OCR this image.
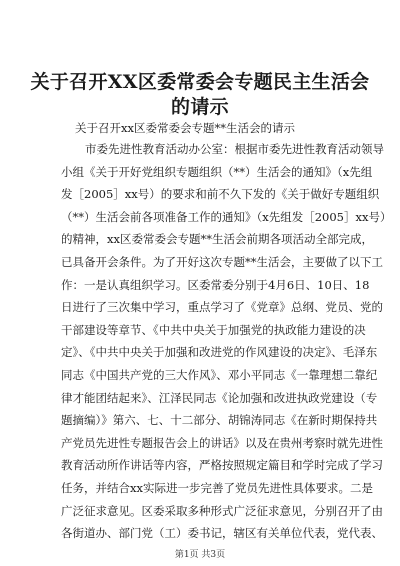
关于召开XX区委常委会专题民主生活会的请示
关于召开xx区委常委会专题**生活会的请示
市委先进性教育活动办公室：根据市委先进性教育活动领导
小组《关于开好党组织专题组织（**）生活会的通知》（x先组
发［2005］xx号）的要求和前不久下发的《关于做好专题组织
（**）生活会前各项准备工作的通知》（x先组发［2005］xx号）
的精神，xx区委常委会专题**生活会前期各项活动全部完成，
已具备开会条件。为了开好这次专题**生活会，主要做了以下工
作：一是认真组织学习。区委常委分别于4月6日、10日、18
日进行了三次集中学习，重点学习了《党章》总纲、党员、党的
干部建设等章节、《中共中央关于加强党的执政能力建设的决
定》、《中共中央关于加强和改进党的作风建设的决定》、毛泽东
同志《中国共产党的三大作风》、邓小平同志《一靠理想二靠纪
律才能团结起来》、江泽民同志《论加强和改进执政党建设（专
题摘编）》第六、七、十二部分、胡锦涛同志《在新时期保持共
产党员先进性专题报告会上的讲话》以及在贵州考察时就先进性
教育活动所作讲话等内容，严格按照规定篇目和学时完成了学习
任务，并结合xx实际进一步完善了党员先进性具体要求。二是
广泛征求意见。区委采取多种形式广泛征求意见，分别召开了由
各街道办、部门党（工）委书记，辖区有关单位代表，党代表、
第1页 共3页
